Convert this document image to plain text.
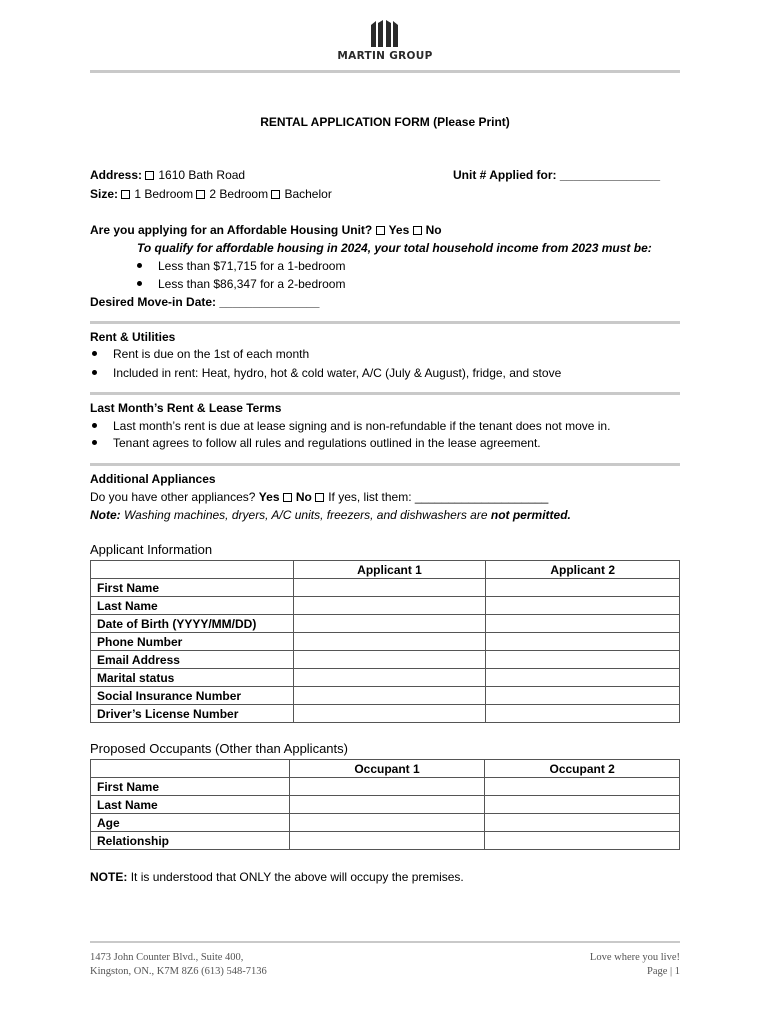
MARTIN GROUP
RENTAL APPLICATION FORM (Please Print)
Address: 1610 Bath Road	Unit # Applied for: _______________
Size: 1 Bedroom 2 Bedroom Bachelor
Are you applying for an Affordable Housing Unit? Yes No
To qualify for affordable housing in 2024, your total household income from 2023 must be:
Less than $71,715 for a 1-bedroom
Less than $86,347 for a 2-bedroom
Desired Move-in Date: _______________
Rent & Utilities
Rent is due on the 1st of each month
Included in rent: Heat, hydro, hot & cold water, A/C (July & August), fridge, and stove
Last Month’s Rent & Lease Terms
Last month’s rent is due at lease signing and is non-refundable if the tenant does not move in.
Tenant agrees to follow all rules and regulations outlined in the lease agreement.
Additional Appliances
Do you have other appliances? Yes No If yes, list them: ____________________
Note: Washing machines, dryers, A/C units, freezers, and dishwashers are not permitted.
Applicant Information
	Applicant 1	Applicant 2
First Name		
Last Name		
Date of Birth (YYYY/MM/DD)		
Phone Number		
Email Address		
Marital status		
Social Insurance Number		
Driver’s License Number		
Proposed Occupants (Other than Applicants)
	Occupant 1	Occupant 2
First Name		
Last Name		
Age		
Relationship		
NOTE: It is understood that ONLY the above will occupy the premises.
1473 John Counter Blvd., Suite 400,
Kingston, ON., K7M 8Z6 (613) 548-7136
Love where you live!
Page | 1
